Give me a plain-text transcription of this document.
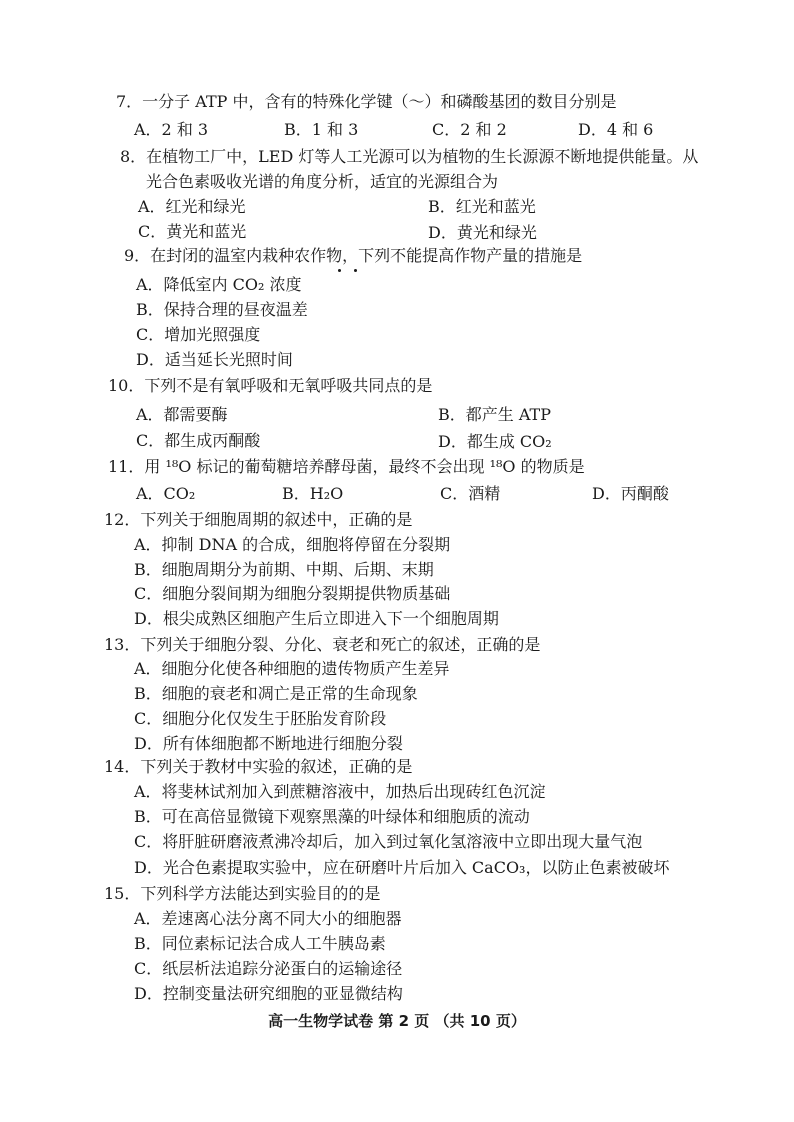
7．一分子 ATP 中，含有的特殊化学键（～）和磷酸基团的数目分别是
A．2 和 3	B．1 和 3	C．2 和 2	D．4 和 6
8．在植物工厂中，LED 灯等人工光源可以为植物的生长源源不断地提供能量。从
光合色素吸收光谱的角度分析，适宜的光源组合为
A．红光和绿光	B．红光和蓝光
C．黄光和蓝光	D．黄光和绿光
9．在封闭的温室内栽种农作物，下列不能提高作物产量的措施是
A．降低室内 CO₂ 浓度
B．保持合理的昼夜温差
C．增加光照强度
D．适当延长光照时间
10．下列不是有氧呼吸和无氧呼吸共同点的是
A．都需要酶	B．都产生 ATP
C．都生成丙酮酸	D．都生成 CO₂
11．用 ¹⁸O 标记的葡萄糖培养酵母菌，最终不会出现 ¹⁸O 的物质是
A．CO₂	B．H₂O	C．酒精	D．丙酮酸
12．下列关于细胞周期的叙述中，正确的是
A．抑制 DNA 的合成，细胞将停留在分裂期
B．细胞周期分为前期、中期、后期、末期
C．细胞分裂间期为细胞分裂期提供物质基础
D．根尖成熟区细胞产生后立即进入下一个细胞周期
13．下列关于细胞分裂、分化、衰老和死亡的叙述，正确的是
A．细胞分化使各种细胞的遗传物质产生差异
B．细胞的衰老和凋亡是正常的生命现象
C．细胞分化仅发生于胚胎发育阶段
D．所有体细胞都不断地进行细胞分裂
14．下列关于教材中实验的叙述，正确的是
A．将斐林试剂加入到蔗糖溶液中，加热后出现砖红色沉淀
B．可在高倍显微镜下观察黑藻的叶绿体和细胞质的流动
C．将肝脏研磨液煮沸冷却后，加入到过氧化氢溶液中立即出现大量气泡
D．光合色素提取实验中，应在研磨叶片后加入 CaCO₃，以防止色素被破坏
15．下列科学方法能达到实验目的的是
A．差速离心法分离不同大小的细胞器
B．同位素标记法合成人工牛胰岛素
C．纸层析法追踪分泌蛋白的运输途径
D．控制变量法研究细胞的亚显微结构
高一生物学试卷 第 2 页 （共 10 页）
